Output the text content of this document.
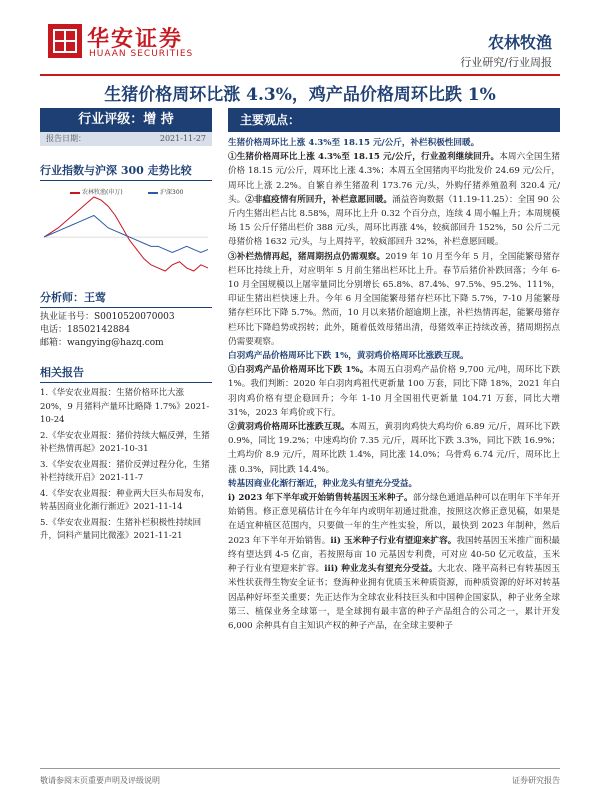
华安证券
HUAAN SECURITIES
农林牧渔
行业研究/行业周报
生猪价格周环比涨 4.3%，鸡产品价格周环比跌 1%
行业评级：增 持
报告日期：	2021-11-27
行业指数与沪深 300 走势比较
农林牧渔(申万)	沪深300
分析师：王莺
执业证书号：S0010520070003
电话：18502142884
邮箱：wangying@hazq.com
相关报告
1.《华安农业周报：生猪价格环比大涨 20%，9 月猪料产量环比略降 1.7%》2021-10-24
2.《华安农业周报：猪价持续大幅反弹，生猪补栏热情再起》2021-10-31
3.《华安农业周报：猪价反弹过程分化，生猪补栏持续开启》2021-11-7
4.《华安农业周报：种业两大巨头布局发布，转基因商业化渐行渐近》2021-11-14
5.《华安农业周报：生猪补栏积极性持续回升，饲料产量同比微涨》2021-11-21
主要观点：
生猪价格周环比上涨 4.3%至 18.15 元/公斤，补栏积极性回暖。
①生猪价格周环比上涨 4.3%至 18.15 元/公斤，行业盈利继续回升。本周六全国生猪价格 18.15 元/公斤，周环比上涨 4.3%；本周五全国猪肉平均批发价 24.69 元/公斤，周环比上涨 2.2%。自繁自养生猪盈利 173.76 元/头，外购仔猪养殖盈利 320.4 元/头。②非瘟疫情有所回升，补栏意愿回暖。涌益咨询数据（11.19-11.25）：全国 90 公斤内生猪出栏占比 8.58%，周环比上升 0.32 个百分点，连续 4 周小幅上升；本周规模场 15 公斤仔猪出栏价 388 元/头，周环比再涨 4%，较疯部回升 152%，50 公斤二元母猪价格 1632 元/头，与上周持平，较疯部回升 32%，补栏意愿回暖。
③补栏热情再起，猪周期拐点仍需观察。2019 年 10 月至今年 5 月，全国能繁母猪存栏环比持续上升，对应明年 5 月前生猪出栏环比上升。春节后猪价补跌回落；今年 6-10 月全国规模以上屠宰量同比分别增长 65.8%、87.4%、97.5%、95.2%、111%，印证生猪出栏快速上升。今年 6 月全国能繁母猪存栏环比下降 5.7%，7-10 月能繁母猪存栏环比下降 5.7%。然而，10 月以来猪价超逾期上涨，补栏热情再起，能繁母猪存栏环比下降趋势或拐转；此外，随着低效母猪出清，母猪效率正持续改善，猪周期拐点仍需要观察。
白羽鸡产品价格周环比下跌 1%，黄羽鸡价格周环比涨跌互现。
①白羽鸡产品价格周环比下跌 1%。本周五白羽鸡产品价格 9,700 元/吨，周环比下跌 1%。我们判断：2020 年白羽肉鸡祖代更新量 100 万套，同比下降 18%，2021 年白羽肉鸡价格有望企稳回升；今年 1-10 月全国祖代更新量 104.71 万套，同比大增 31%，2023 年鸡价或下行。
②黄羽鸡价格周环比涨跌互现。本周五，黄羽肉鸡快大鸡均价 6.89 元/斤，周环比下跌 0.9%，同比 19.2%；中速鸡均价 7.35 元/斤，周环比下跌 3.3%，同比下跌 16.9%；土鸡均价 8.9 元/斤，周环比跌 1.4%，同比涨 14.0%；乌骨鸡 6.74 元/斤，周环比上涨 0.3%，同比跌 14.4%。
转基因商业化渐行渐近，种业龙头有望充分受益。
i) 2023 年下半年或开始销售转基因玉米种子。部分绿色通道品种可以在明年下半年开始销售。修正意见稿估计在今年年内或明年初通过批准，按照这次修正意见稿，如果是在适宜种植区范围内，只要做一年的生产性实验，所以，最快到 2023 年制种，然后 2023 年下半年开始销售。ii) 玉米种子行业有望迎来扩容。我国转基因玉米推广面积最终有望达到 4-5 亿亩，若按照每亩 10 元基因专利费，可对应 40-50 亿元收益，玉米种子行业有望迎来扩容。iii) 种业龙头有望充分受益。大北农、隆平高科已有转基因玉米性状获得生物安全证书；登海种业拥有优质玉米种质资源，而种质资源的好坏对转基因品种好坏至关重要；先正达作为全球农业科技巨头和中国种企国家队，种子业务全球第三、植保业务全球第一，是全球拥有最丰富的种子产品组合的公司之一，累计开发 6,000 余种具有自主知识产权的种子产品，在全球主要种子
敬请参阅末页重要声明及评级说明	证券研究报告
